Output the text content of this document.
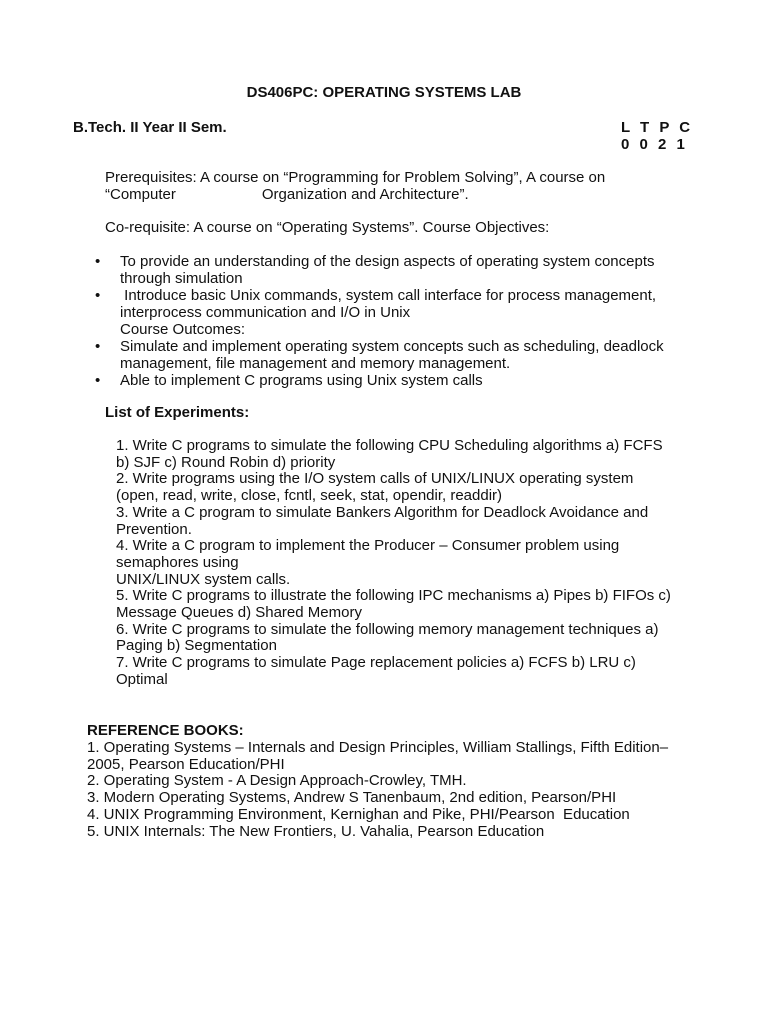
DS406PC: OPERATING SYSTEMS LAB
B.Tech. II Year II Sem.	L T P C
0 0 2 1
Prerequisites: A course on “Programming for Problem Solving”, A course on
“Computer	Organization and Architecture”.
Co-requisite: A course on “Operating Systems”. Course Objectives:
•	To provide an understanding of the design aspects of operating system concepts
through simulation
•	Introduce basic Unix commands, system call interface for process management,
interprocess communication and I/O in Unix
Course Outcomes:
•	Simulate and implement operating system concepts such as scheduling, deadlock
management, file management and memory management.
•	Able to implement C programs using Unix system calls
List of Experiments:
1. Write C programs to simulate the following CPU Scheduling algorithms a) FCFS
b) SJF c) Round Robin d) priority
2. Write programs using the I/O system calls of UNIX/LINUX operating system
(open, read, write, close, fcntl, seek, stat, opendir, readdir)
3. Write a C program to simulate Bankers Algorithm for Deadlock Avoidance and
Prevention.
4. Write a C program to implement the Producer – Consumer problem using
semaphores using
UNIX/LINUX system calls.
5. Write C programs to illustrate the following IPC mechanisms a) Pipes b) FIFOs c)
Message Queues d) Shared Memory
6. Write C programs to simulate the following memory management techniques a)
Paging b) Segmentation
7. Write C programs to simulate Page replacement policies a) FCFS b) LRU c)
Optimal
REFERENCE BOOKS:
1. Operating Systems – Internals and Design Principles, William Stallings, Fifth Edition–
2005, Pearson Education/PHI
2. Operating System - A Design Approach-Crowley, TMH.
3. Modern Operating Systems, Andrew S Tanenbaum, 2nd edition, Pearson/PHI
4. UNIX Programming Environment, Kernighan and Pike, PHI/Pearson  Education
5. UNIX Internals: The New Frontiers, U. Vahalia, Pearson Education
